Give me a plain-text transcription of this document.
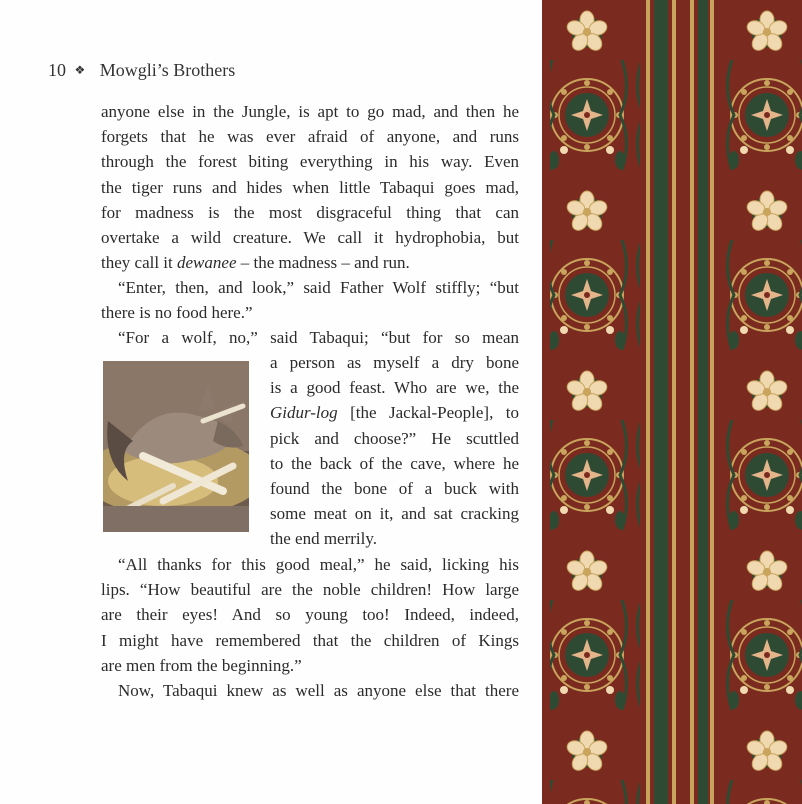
10 ❖ Mowgli’s Brothers
anyone else in the Jungle, is apt to go mad, and then he
forgets that he was ever afraid of anyone, and runs
through the forest biting everything in his way. Even
the tiger runs and hides when little Tabaqui goes mad,
for madness is the most disgraceful thing that can
overtake a wild creature. We call it hydrophobia, but
they call it dewanee – the madness – and run.
“Enter, then, and look,” said Father Wolf stiffly; “but
there is no food here.”
“For a wolf, no,” said Tabaqui; “but for so mean
a person as myself a dry bone
is a good feast. Who are we, the
Gidur-log [the Jackal-People], to
pick and choose?” He scuttled
to the back of the cave, where he
found the bone of a buck with
some meat on it, and sat cracking
the end merrily.
“All thanks for this good meal,” he said, licking his
lips. “How beautiful are the noble children! How large
are their eyes! And so young too! Indeed, indeed,
I might have remembered that the children of Kings
are men from the beginning.”
Now, Tabaqui knew as well as anyone else that there
